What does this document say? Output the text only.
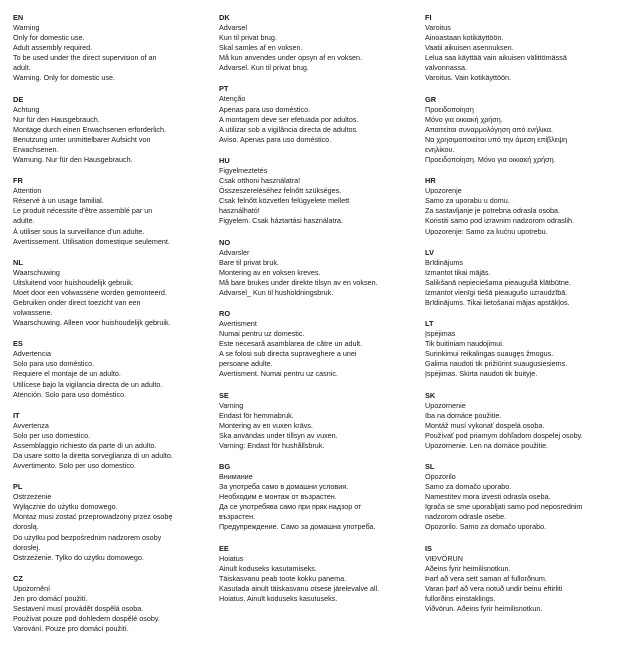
EN
Warning
Only for domestic use.
Adult assembly required.
To be used under the direct supervision of an
adult.
Warning. Only for domestic use.
DE
Achtung
Nur für den Hausgebrauch.
Montage durch einen Erwachsenen erforderlich.
Benutzung unter unmittelbarer Aufsicht von
Erwachsenen.
Warnung. Nur für den Hausgebrauch.
FR
Attention
Réservé à un usage familial.
Le produit nécessite d'être assemblé par un
adulte.
À utiliser sous la surveillance d'un adulte.
Avertissement. Utilisation domestique seulement.
NL
Waarschuwing
Uitsluitend voor huishoudelijk gebruik.
Moet door een volwassene worden gemonteerd.
Gebruiken onder direct toezicht van een
volwassene.
Waarschuwing. Alleen voor huishoudelijk gebruik.
ES
Advertencia
Solo para uso doméstico.
Requiere el montaje de un adulto.
Utilícese bajo la vigilancia directa de un adulto.
Atención. Solo para uso doméstico.
IT
Avvertenza
Solo per uso domestico.
Assemblaggio richiesto da parte di un adulto.
Da usare sotto la diretta sorveglianza di un adulto.
Avvertimento. Solo per uso domestico.
PL
Ostrzeżenie
Wyłącznie do użytku domowego.
Montaż musi zostać przeprowadzony przez osobę
dorosłą.
Do użytku pod bezpośrednim nadzorem osoby
dorosłej.
Ostrzeżenie. Tylko do użytku domowego.
CZ
Upozornění
Jen pro domácí použití.
Sestavení musí provádět dospělá osoba.
Používat pouze pod dohledem dospělé osoby.
Varování. Pouze pro domácí použití.
DK
Advarsel
Kun til privat brug.
Skal samles af en voksen.
Må kun anvendes under opsyn af en voksen.
Advarsel. Kun til privat brug.
PT
Atenção
Apenas para uso doméstico.
A montagem deve ser efetuada por adultos.
A utilizar sob a vigilância directa de adultos.
Aviso. Apenas para uso doméstico.
HU
Figyelmeztetés
Csak otthoni használatra!
Összeszereléséhez felnőtt szükséges.
Csak felnőtt közvetlen felügyelete mellett
használható!
Figyelem. Csak háztartási használatra.
NO
Advarsler
Bare til privat bruk.
Montering av en voksen kreves.
Må bare brukes under direkte tilsyn av en voksen.
Advarsel_ Kun til husholdningsbruk.
RO
Avertisment
Numai pentru uz domestic.
Este necesară asamblarea de către un adult.
A se folosi sub directa supraveghere a unei
persoane adulte.
Avertisment. Numai pentru uz casnic.
SE
Varning
Endast för hemmabruk.
Montering av en vuxen krävs.
Ska användas under tillsyn av vuxen.
Varning: Endast för hushållsbruk.
BG
Внимание
За употреба само в домашни условия.
Необходим е монтаж от възрастен.
Да се употребява само при пряк надзор от
възрастен.
Предупреждение. Само за домашна употреба.
EE
Hoiatus
Ainult koduseks kasutamiseks.
Täiskasvanu peab toote kokku panema.
Kasutada ainult täiskasvanu otsese järelevalve all.
Hoiatus. Ainult koduseks kasutuseks.
FI
Varoitus
Ainoastaan kotikäyttöön.
Vaatii aikuisen asennuksen.
Leluа saa käyttää vain aikuisen välittömässä
valvonnassa.
Varoitus. Vain kotikäyttöön.
GR
Προειδοποίηση
Μόνο για οικιακή χρήση.
Απαιτείται συναρμολόγηση από ενήλικα.
Να χρησιμοποιείται υπό την άμεση επίβλεψη
ενηλίκου.
Προειδοποίηση. Μόνο για οικιακή χρήση.
HR
Upozorenje
Samo za uporabu u domu.
Za sastavljanje je potrebna odrasla osoba.
Koristiti samo pod izravnim nadzorom odraslih.
Upozorenje: Samo za kućnu upotrebu.
LV
Brīdinājums
Izmantot tikai mājās.
Salikšanā nepieciešama pieaugušā klātbūtne.
Izmantot vienīgi tiešā pieaugušo uzraudzībā.
Brīdinājums. Tikai lietošanai mājas apstākļos.
LT
Įspėjimas
Tik buitiniam naudojimui.
Surinkimui reikalingas suaugęs žmogus.
Galima naudoti tik prižiūrint suaugusiesiems.
Įspėjimas. Skirta naudoti tik buityje.
SK
Upozornenie
Iba na domáce použitie.
Montáž musí vykonať dospelá osoba.
Používať pod priamym dohľadom dospelej osoby.
Upozornenie. Len na domáce použitie.
SL
Opozorilo
Samo za domačo uporabo.
Namestitev mora izvesti odrasla oseba.
Igrača se sme uporabljati samo pod neposrednim
nadzorom odrasle osebe.
Opozorilo. Samo za domačo uporabo.
IS
VIÐVÖRUN
Aðeins fyrir heimilisnotkun.
Þarf að vera sett saman af fullorðnum.
Varan þarf að vera notuð undir beinu eftirliti
fullorðins einstaklings.
Viðvörun. Aðeins fyrir heimilisnotkun.
